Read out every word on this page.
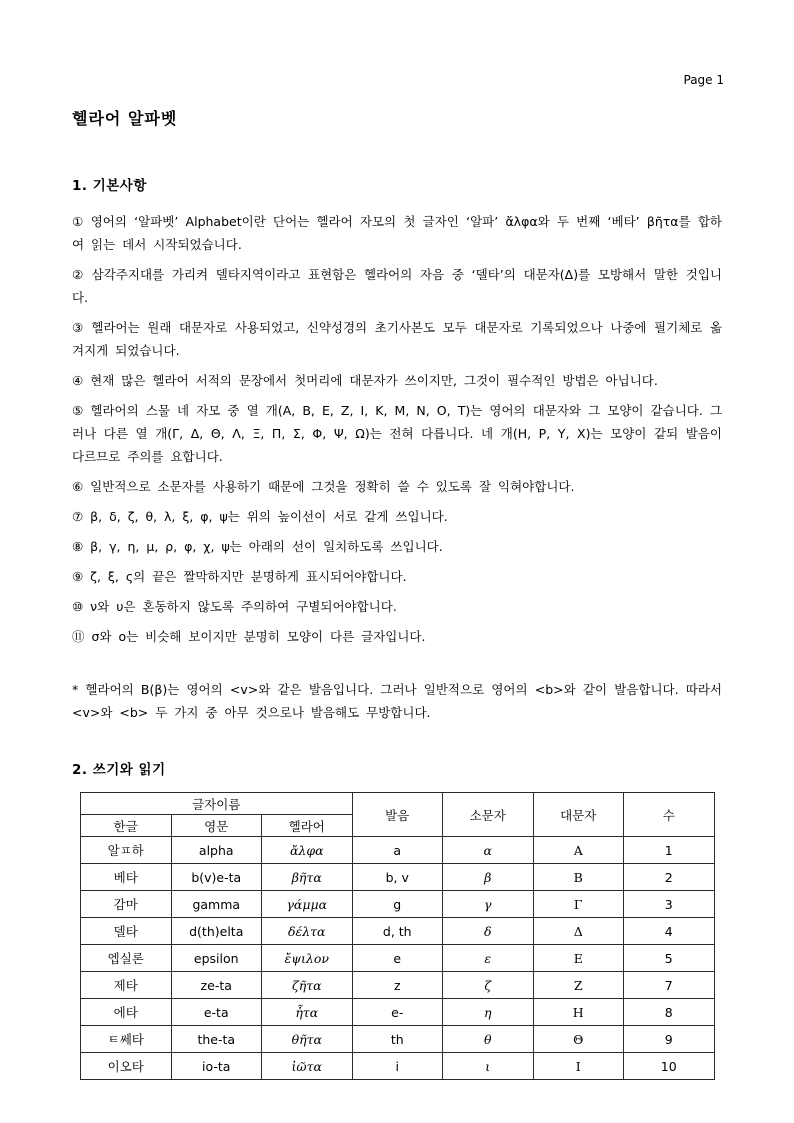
Page 1
헬라어 알파벳
1. 기본사항

① 영어의 ‘알파벳’ Alphabet이란 단어는 헬라어 자모의 첫 글자인 ‘알파’ ἄλφα와 두 번째 ‘베타’ βῆτα를 합하여 읽는 데서 시작되었습니다.

② 삼각주지대를 가리켜 델타지역이라고 표현함은 헬라어의 자음 중 ‘델타’의 대문자(Δ)를 모방해서 말한 것입니다.

③ 헬라어는 원래 대문자로 사용되었고, 신약성경의 초기사본도 모두 대문자로 기록되었으나 나중에 필기체로 옮겨지게 되었습니다.

④ 현재 많은 헬라어 서적의 문장에서 첫머리에 대문자가 쓰이지만, 그것이 필수적인 방법은 아닙니다.

⑤ 헬라어의 스물 네 자모 중 열 개(Α, Β, Ε, Ζ, Ι, Κ, Μ, Ν, Ο, Τ)는 영어의 대문자와 그 모양이 같습니다. 그러나 다른 열 개(Γ, Δ, Θ, Λ, Ξ, Π, Σ, Φ, Ψ, Ω)는 전혀 다릅니다. 네 개(Η, Ρ, Υ, Χ)는 모양이 같되 발음이 다르므로 주의를 요합니다.

⑥ 일반적으로 소문자를 사용하기 때문에 그것을 정확히 쓸 수 있도록 잘 익혀야합니다.

⑦ β, δ, ζ, θ, λ, ξ, φ, ψ는 위의 높이선이 서로 같게 쓰입니다.

⑧ β, γ, η, μ, ρ, φ, χ, ψ는 아래의 선이 일치하도록 쓰입니다.

⑨ ζ, ξ, ς의 끝은 짤막하지만 분명하게 표시되어야합니다.

⑩ ν와 υ은 혼동하지 않도록 주의하여 구별되어야합니다.

⑪ σ와 ο는 비슷해 보이지만 분명히 모양이 다른 글자입니다.

* 헬라어의 Β(β)는 영어의 <v>와 같은 발음입니다. 그러나 일반적으로 영어의 <b>와 같이 발음합니다. 따라서 <v>와 <b> 두 가지 중 아무 것으로나 발음해도 무방합니다.

2. 쓰기와 읽기
글자이름			발음	소문자	대문자	수
한글	영문	헬라어				
알ㅍ하	alpha	ἄλφα	a	α	Α	1
베타	b(v)e-ta	βῆτα	b, v	β	Β	2
감마	gamma	γάμμα	g	γ	Γ	3
델타	d(th)elta	δέλτα	d, th	δ	Δ	4
엡실론	epsilon	ἔψιλον	e	ε	Ε	5
제타	ze-ta	ζῆτα	z	ζ	Ζ	7
에타	e-ta	ἦτα	e-	η	Η	8
ㅌ쎄타	the-ta	θῆτα	th	θ	Θ	9
이오타	io-ta	ἰῶτα	i	ι	Ι	10
